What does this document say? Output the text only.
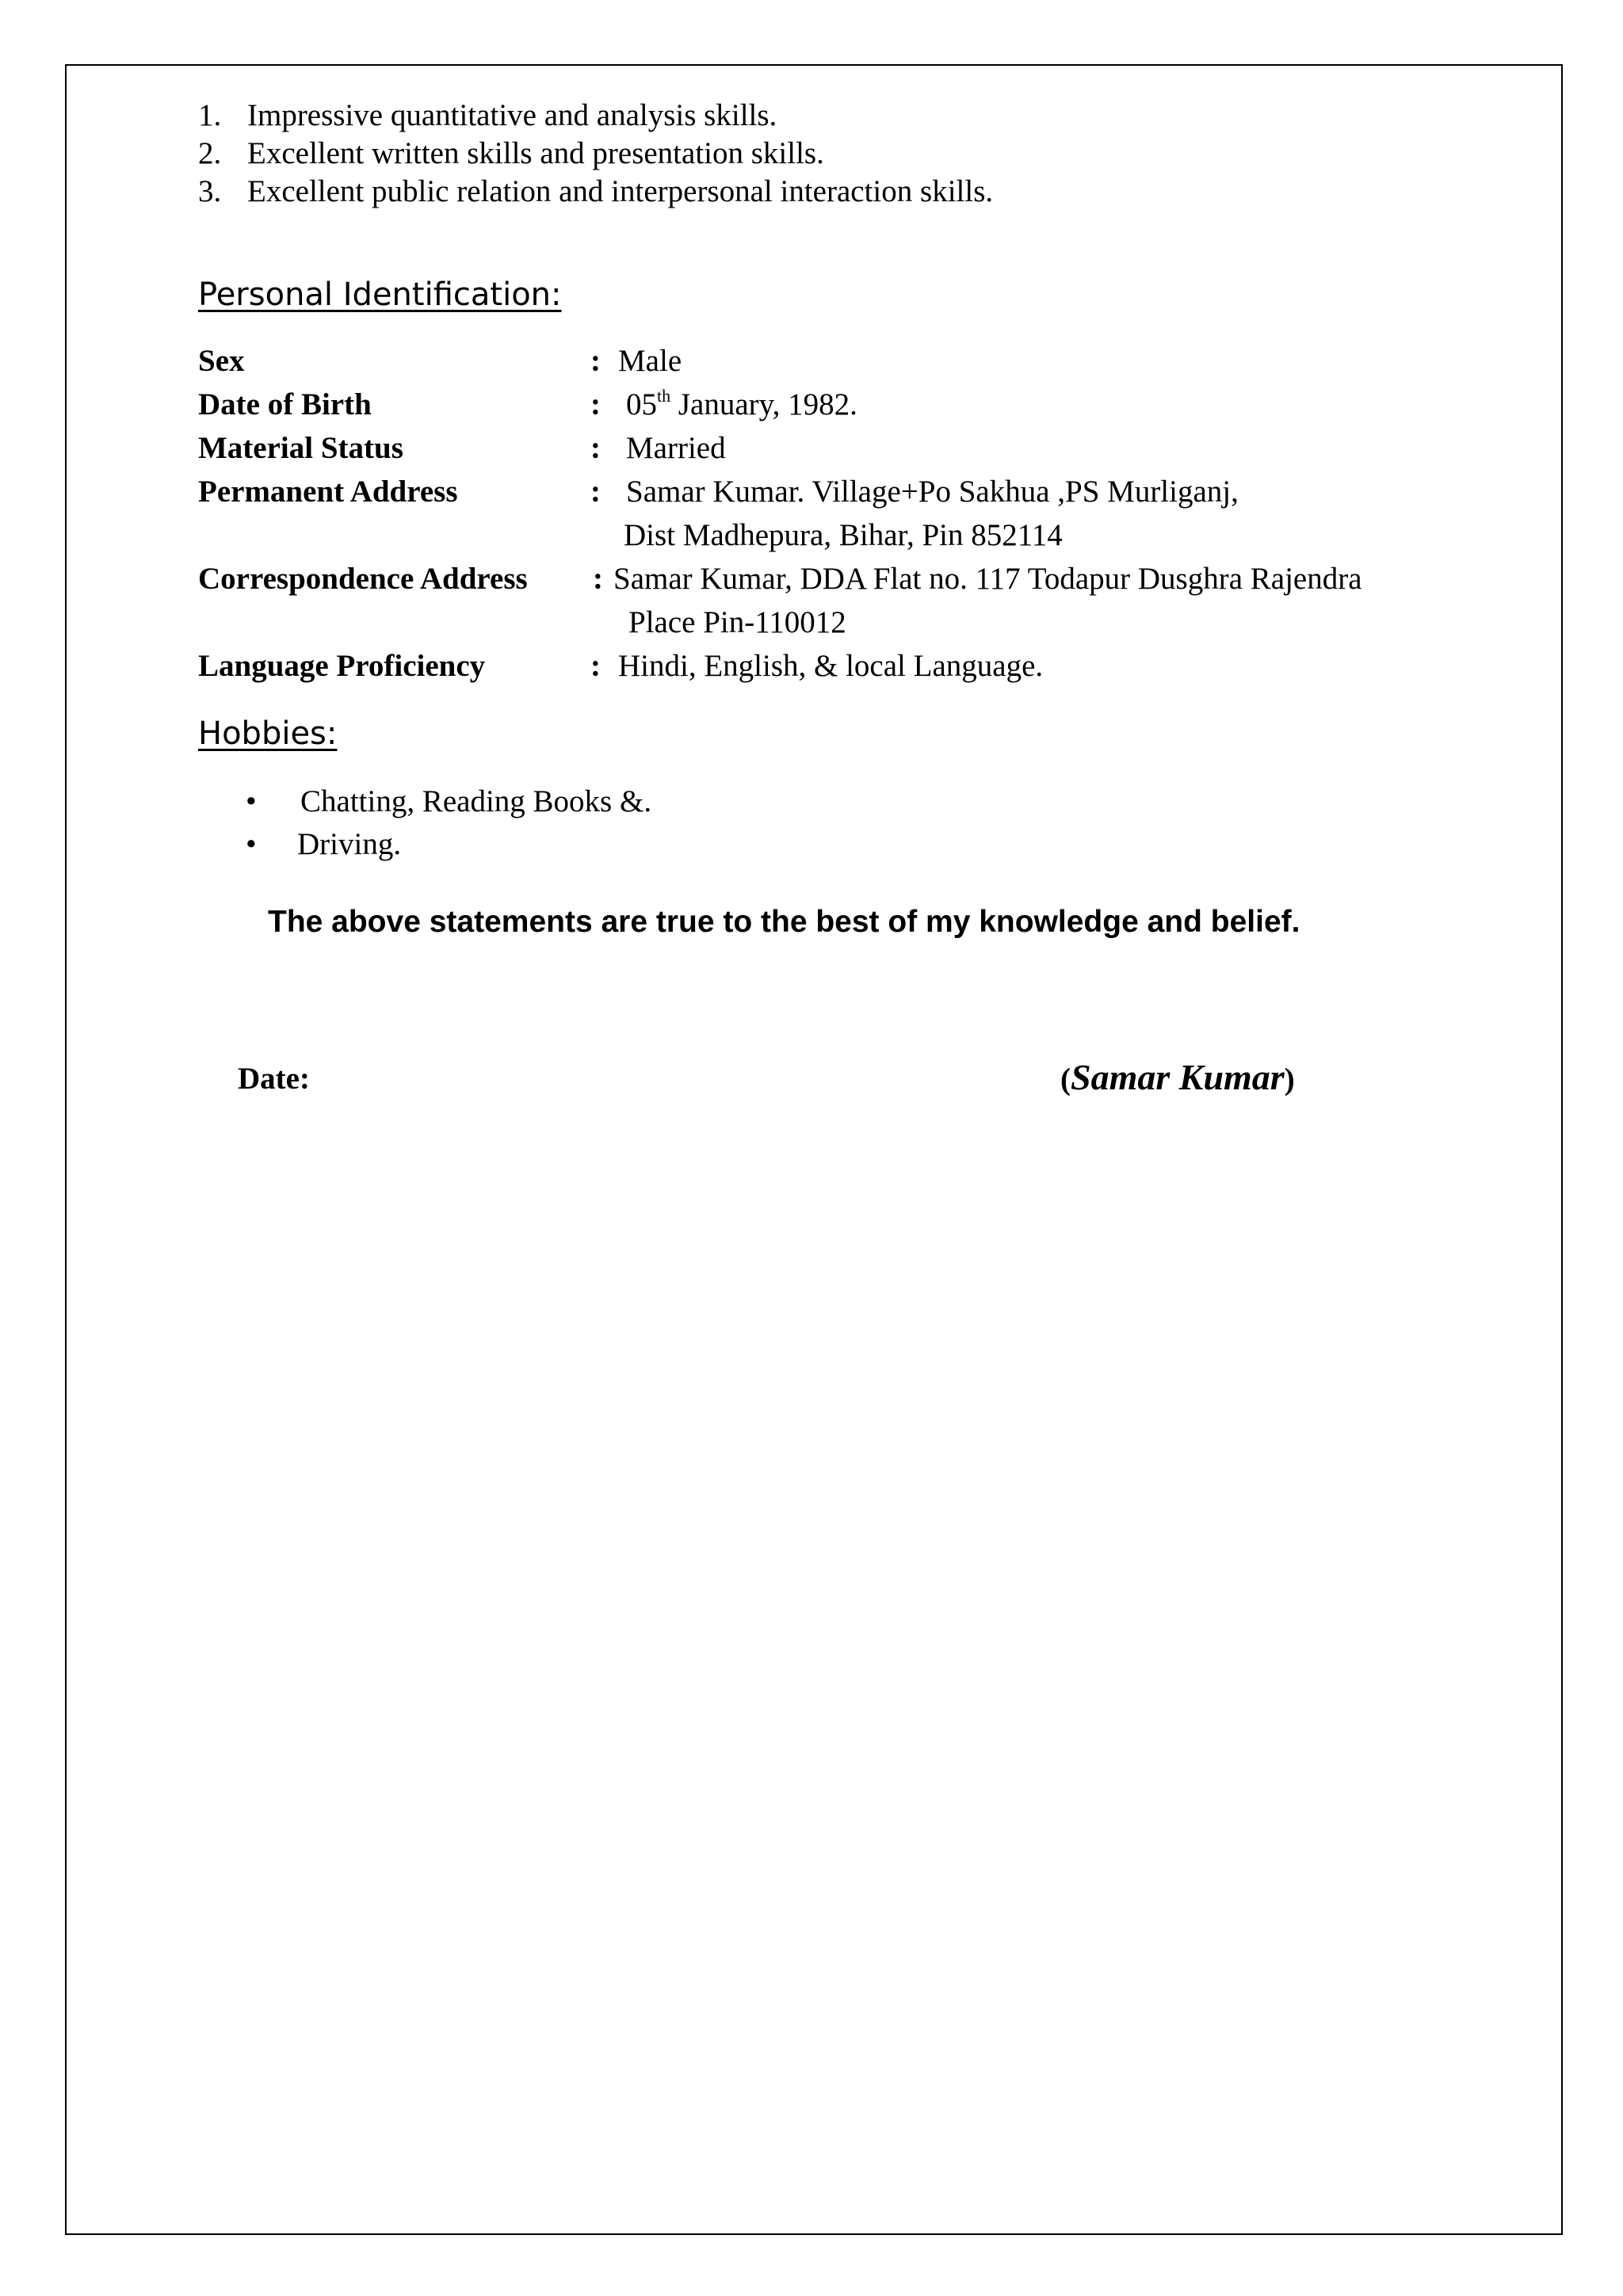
1. Impressive quantitative and analysis skills.
2. Excellent written skills and presentation skills.
3. Excellent public relation and interpersonal interaction skills.
Personal Identification:
Sex	: Male
Date of Birth	: 05th January, 1982.
Material Status	: Married
Permanent Address	: Samar Kumar. Village+Po Sakhua ,PS Murliganj,
Dist Madhepura, Bihar, Pin 852114
Correspondence Address : Samar Kumar, DDA Flat no. 117 Todapur Dusghra Rajendra
Place Pin-110012
Language Proficiency	: Hindi, English, & local Language.
Hobbies:
• Chatting, Reading Books &.
• Driving.
The above statements are true to the best of my knowledge and belief.
Date:	(Samar Kumar)
